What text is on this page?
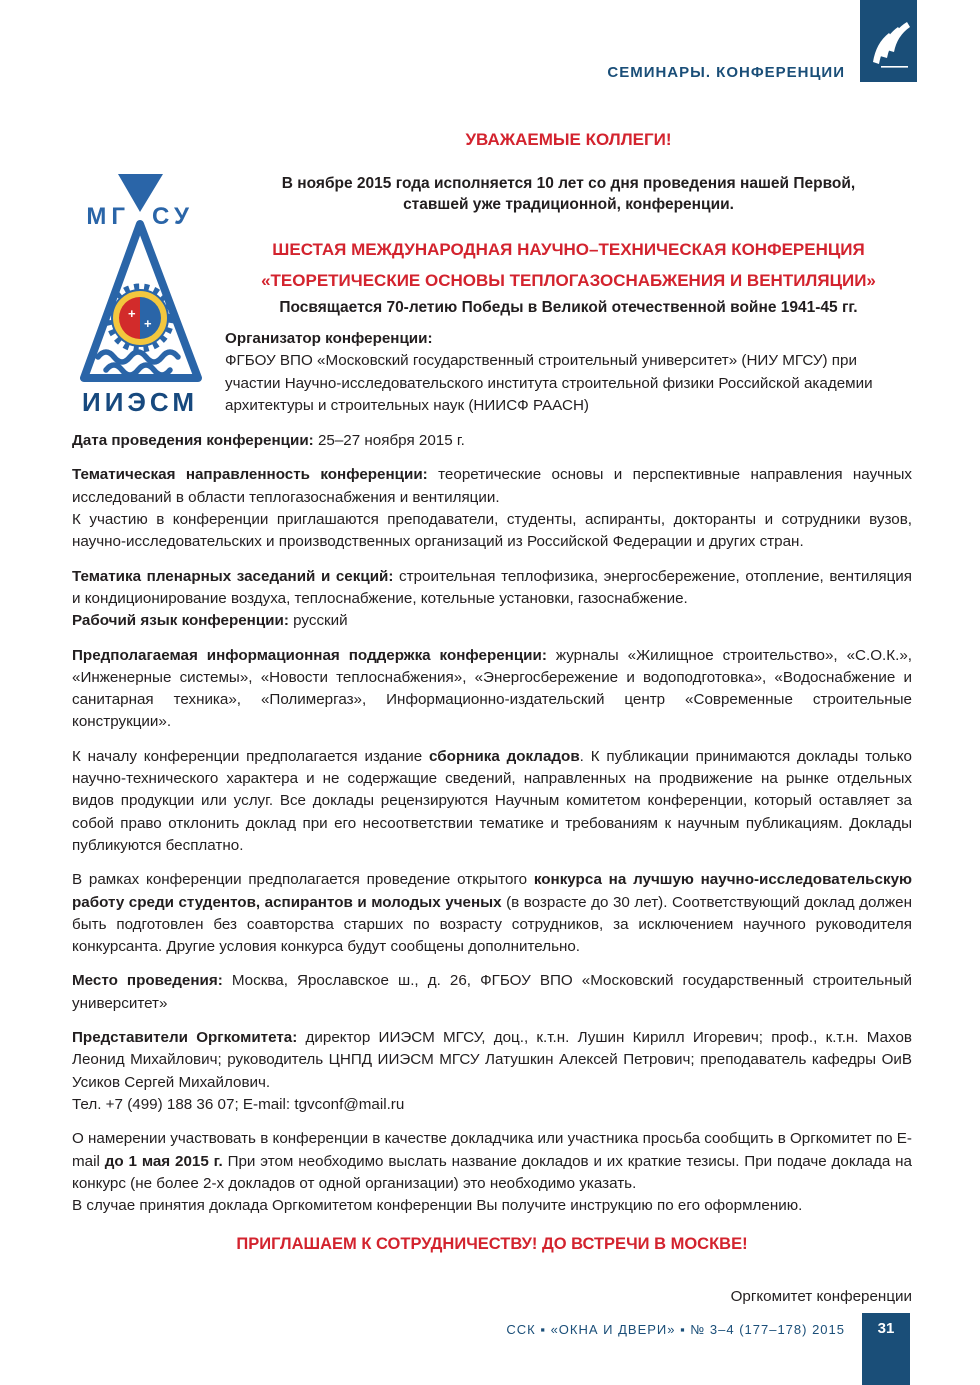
СЕМИНАРЫ. КОНФЕРЕНЦИИ
МГ СУ
+
+
ИИЭСМ
УВАЖАЕМЫЕ КОЛЛЕГИ!
В ноябре 2015 года исполняется 10 лет со дня проведения нашей Первой,
ставшей уже традиционной, конференции.
ШЕСТАЯ МЕЖДУНАРОДНАЯ НАУЧНО–ТЕХНИЧЕСКАЯ КОНФЕРЕНЦИЯ
«ТЕОРЕТИЧЕСКИЕ ОСНОВЫ ТЕПЛОГАЗОСНАБЖЕНИЯ И ВЕНТИЛЯЦИИ»
Посвящается 70-летию Победы в Великой отечественной войне 1941-45 гг.
Организатор конференции:
ФГБОУ ВПО «Московский государственный строительный университет» (НИУ МГСУ) при участии Научно-исследовательского института строительной физики Российской академии архитектуры и строительных наук (НИИСФ РААСН)

Дата проведения конференции: 25–27 ноября 2015 г.

Тематическая направленность конференции: теоретические основы и перспективные направления научных исследований в области теплогазоснабжения и вентиляции.

К участию в конференции приглашаются преподаватели, студенты, аспиранты, докторанты и сотрудники вузов, научно-исследовательских и производственных организаций из Российской Федерации и других стран.

Тематика пленарных заседаний и секций: строительная теплофизика, энергосбережение, отопление, вентиляция и кондиционирование воздуха, теплоснабжение, котельные установки, газоснабжение.

Рабочий язык конференции: русский

Предполагаемая информационная поддержка конференции: журналы «Жилищное строительство», «С.О.К.», «Инженерные системы», «Новости теплоснабжения», «Энергосбережение и водоподготовка», «Водоснабжение и санитарная техника», «Полимергаз», Информационно-издательский центр «Современные строительные конструкции».

К началу конференции предполагается издание сборника докладов. К публикации принимаются доклады только научно-технического характера и не содержащие сведений, направленных на продвижение на рынке отдельных видов продукции или услуг. Все доклады рецензируются Научным комитетом конференции, который оставляет за собой право отклонить доклад при его несоответствии тематике и требованиям к научным публикациям. Доклады публикуются бесплатно.

В рамках конференции предполагается проведение открытого конкурса на лучшую научно-исследовательскую работу среди студентов, аспирантов и молодых ученых (в возрасте до 30 лет). Соответствующий доклад должен быть подготовлен без соавторства старших по возрасту сотрудников, за исключением научного руководителя конкурсанта. Другие условия конкурса будут сообщены дополнительно.

Место проведения: Москва, Ярославское ш., д. 26, ФГБОУ ВПО «Московский государственный строительный университет»

Представители Оргкомитета: директор ИИЭСМ МГСУ, доц., к.т.н. Лушин Кирилл Игоревич; проф., к.т.н. Махов Леонид Михайлович; руководитель ЦНПД ИИЭСМ МГСУ Латушкин Алексей Петрович; преподаватель кафедры ОиВ Усиков Сергей Михайлович.

Тел. +7 (499) 188 36 07; E-mail: tgvconf@mail.ru

О намерении участвовать в конференции в качестве докладчика или участника просьба сообщить в Оргкомитет по E-mail до 1 мая 2015 г. При этом необходимо выслать название докладов и их краткие тезисы. При подаче доклада на конкурс (не более 2-х докладов от одной организации) это необходимо указать.

В случае принятия доклада Оргкомитетом конференции Вы получите инструкцию по его оформлению.

ПРИГЛАШАЕМ К СОТРУДНИЧЕСТВУ! ДО ВСТРЕЧИ В МОСКВЕ!
Оргкомитет конференции
ССК ▪ «ОКНА И ДВЕРИ» ▪ № 3–4 (177–178) 2015	31
